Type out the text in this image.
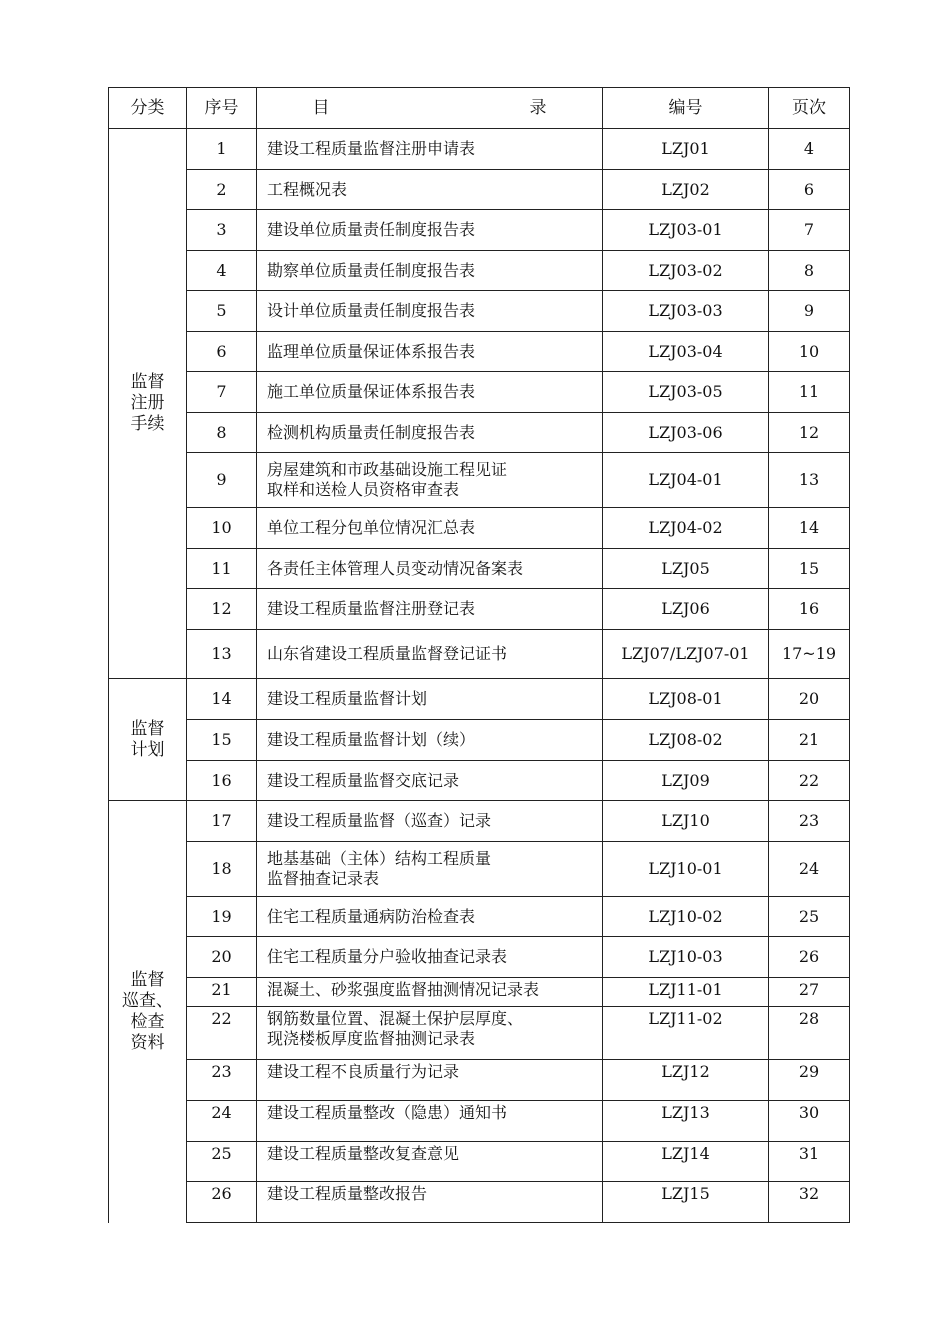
分类	序号	目 录	编号	页次

监督
注册
手续	1	建设工程质量监督注册申请表	LZJ01	4
	2	工程概况表	LZJ02	6
	3	建设单位质量责任制度报告表	LZJ03-01	7
	4	勘察单位质量责任制度报告表	LZJ03-02	8
	5	设计单位质量责任制度报告表	LZJ03-03	9
	6	监理单位质量保证体系报告表	LZJ03-04	10
	7	施工单位质量保证体系报告表	LZJ03-05	11
	8	检测机构质量责任制度报告表	LZJ03-06	12
	9	房屋建筑和市政基础设施工程见证
取样和送检人员资格审查表	LZJ04-01	13
	10	单位工程分包单位情况汇总表	LZJ04-02	14
	11	各责任主体管理人员变动情况备案表	LZJ05	15
	12	建设工程质量监督注册登记表	LZJ06	16
	13	山东省建设工程质量监督登记证书	LZJ07/LZJ07-01	17~19

监督
计划	14	建设工程质量监督计划	LZJ08-01	20
	15	建设工程质量监督计划（续）	LZJ08-02	21
	16	建设工程质量监督交底记录	LZJ09	22

监督
巡查、
检查
资料	17	建设工程质量监督（巡查）记录	LZJ10	23
	18	地基基础（主体）结构工程质量
监督抽查记录表	LZJ10-01	24
	19	住宅工程质量通病防治检查表	LZJ10-02	25
	20	住宅工程质量分户验收抽查记录表	LZJ10-03	26
	21	混凝土、砂浆强度监督抽测情况记录表	LZJ11-01	27
	22	钢筋数量位置、混凝土保护层厚度、
现浇楼板厚度监督抽测记录表	LZJ11-02	28
	23	建设工程不良质量行为记录	LZJ12	29
	24	建设工程质量整改（隐患）通知书	LZJ13	30
	25	建设工程质量整改复查意见	LZJ14	31
	26	建设工程质量整改报告	LZJ15	32
